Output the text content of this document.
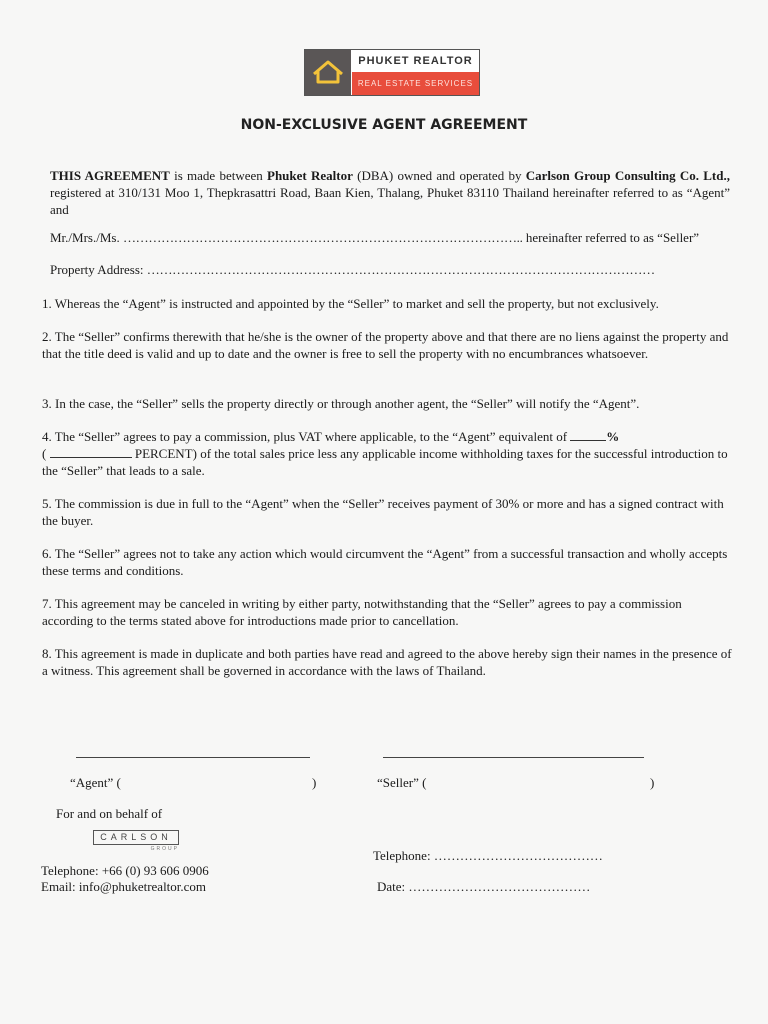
PHUKET REALTOR
REAL ESTATE SERVICES
NON-EXCLUSIVE AGENT AGREEMENT
THIS AGREEMENT is made between Phuket Realtor (DBA) owned and operated by Carlson Group Consulting Co. Ltd., registered at 310/131 Moo 1, Thepkrasattri Road, Baan Kien, Thalang, Phuket 83110 Thailand hereinafter referred to as “Agent” and
Mr./Mrs./Ms. ………………………………………………………………………………….. hereinafter referred to as “Seller”
Property Address: …………………………………………………………………………………………………………
1. Whereas the “Agent” is instructed and appointed by the “Seller” to market and sell the property, but not exclusively.
2. The “Seller” confirms therewith that he/she is the owner of the property above and that there are no liens against the property and that the title deed is valid and up to date and the owner is free to sell the property with no encumbrances whatsoever.
3. In the case, the “Seller” sells the property directly or through another agent, the “Seller” will notify the “Agent”.
4. The “Seller” agrees to pay a commission, plus VAT where applicable, to the “Agent” equivalent of	%
(	PERCENT) of the total sales price less any applicable income withholding taxes for the successful introduction to the “Seller” that leads to a sale.
5. The commission is due in full to the “Agent” when the “Seller” receives payment of 30% or more and has a signed contract with the buyer.
6. The “Seller” agrees not to take any action which would circumvent the “Agent” from a successful transaction and wholly accepts these terms and conditions.
7. This agreement may be canceled in writing by either party, notwithstanding that the “Seller” agrees to pay a commission according to the terms stated above for introductions made prior to cancellation.
8. This agreement is made in duplicate and both parties have read and agreed to the above hereby sign their names in the presence of a witness. This agreement shall be governed in accordance with the laws of Thailand.
“Agent” (	)	“Seller” (	)
For and on behalf of
CARLSON
GROUP
Telephone: +66 (0) 93 606 0906
Email: info@phuketrealtor.com
Telephone: …………………………………
Date: ……………………………………
